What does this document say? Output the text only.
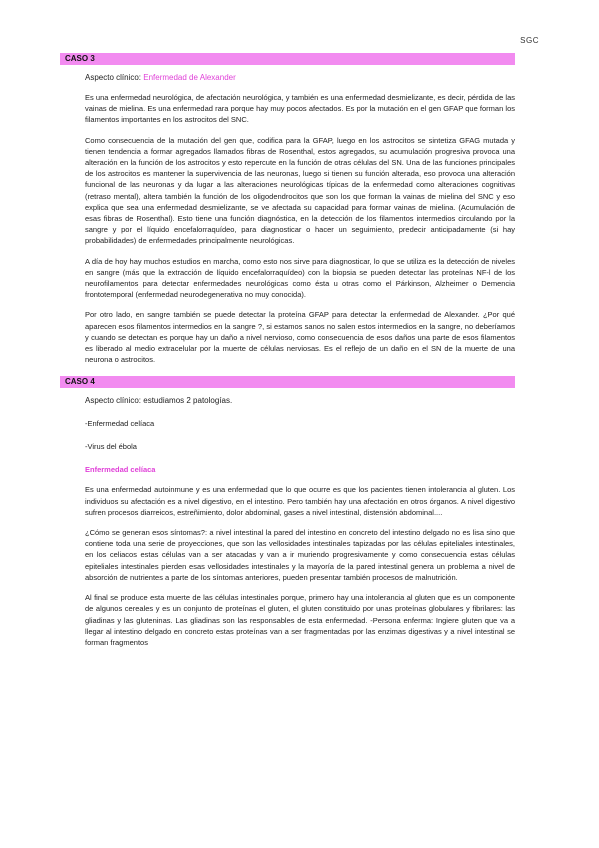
SGC
CASO 3
Aspecto clínico: Enfermedad de Alexander

Es una enfermedad neurológica, de afectación neurológica, y también es una enfermedad desmielizante, es decir, pérdida de las vainas de mielina. Es una enfermedad rara porque hay muy pocos afectados. Es por la mutación en el gen GFAP que forman los filamentos importantes en los astrocitos del SNC.

Como consecuencia de la mutación del gen que, codifica para la GFAP, luego en los astrocitos se sintetiza GFAG mutada y tienen tendencia a formar agregados llamados fibras de Rosenthal, estos agregados, su acumulación progresiva provoca una alteración en la función de los astrocitos y esto repercute en la función de otras células del SN. Una de las funciones principales de los astrocitos es mantener la supervivencia de las neuronas, luego si tienen su función alterada, eso provoca una alteración funcional de las neuronas y da lugar a las alteraciones neurológicas típicas de la enfermedad como alteraciones cognitivas (retraso mental), altera también la función de los oligodendrocitos que son los que forman la vainas de mielina del SNC y eso explica que sea una enfermedad desmielizante, se ve afectada su capacidad para formar vainas de mielina. (Acumulación de esas fibras de Rosenthal). Esto tiene una función diagnóstica, en la detección de los filamentos intermedios circulando por la sangre y por el líquido encefalorraquídeo, para diagnosticar o hacer un seguimiento, predecir anticipadamente (si hay probabilidades) de enfermedades principalmente neurológicas.

A día de hoy hay muchos estudios en marcha, como esto nos sirve para diagnosticar, lo que se utiliza es la detección de niveles en sangre (más que la extracción de líquido encefalorraquídeo) con la biopsia se pueden detectar las proteínas NF-l de los neurofilamentos para detectar enfermedades neurológicas como ésta u otras como el Párkinson, Alzheimer o Demencia frontotemporal (enfermedad neurodegenerativa no muy conocida).

Por otro lado, en sangre también se puede detectar la proteína GFAP para detectar la enfermedad de Alexander. ¿Por qué aparecen esos filamentos intermedios en la sangre ?, si estamos sanos no salen estos intermedios en la sangre, no deberíamos y cuando se detectan es porque hay un daño a nivel nervioso, como consecuencia de esos daños una parte de esos filamentos es liberado al medio extracelular por la muerte de células nerviosas. Es el reflejo de un daño en el SN de la muerte de una neurona o astrocitos.

CASO 4
Aspecto clínico: estudiamos 2 patologías.
-Enfermedad celíaca
-Virus del ébola
Enfermedad celíaca

Es una enfermedad autoinmune y es una enfermedad que lo que ocurre es que los pacientes tienen intolerancia al gluten. Los individuos su afectación es a nivel digestivo, en el intestino. Pero también hay una afectación en otros órganos. A nivel digestivo sufren procesos diarreicos, estreñimiento, dolor abdominal, gases a nivel intestinal, distensión abdominal....

¿Cómo se generan esos síntomas?: a nivel intestinal la pared del intestino en concreto del intestino delgado no es lisa sino que contiene toda una serie de proyecciones, que son las vellosidades intestinales tapizadas por las células epiteliales intestinales, en los celiacos estas células van a ser atacadas y van a ir muriendo progresivamente y como consecuencia estas células epiteliales intestinales pierden esas vellosidades intestinales y la mayoría de la pared intestinal genera un problema a nivel de absorción de nutrientes a parte de los síntomas anteriores, pueden presentar también procesos de malnutrición.

Al final se produce esta muerte de las células intestinales porque, primero hay una intolerancia al gluten que es un componente de algunos cereales y es un conjunto de proteínas el gluten, el gluten constituido por unas proteínas globulares y fibrilares: las gliadinas y las gluteninas. Las gliadinas son las responsables de esta enfermedad. -Persona enferma: Ingiere gluten que va a llegar al intestino delgado en concreto estas proteínas van a ser fragmentadas por las enzimas digestivas y a nivel intestinal se forman fragmentos
